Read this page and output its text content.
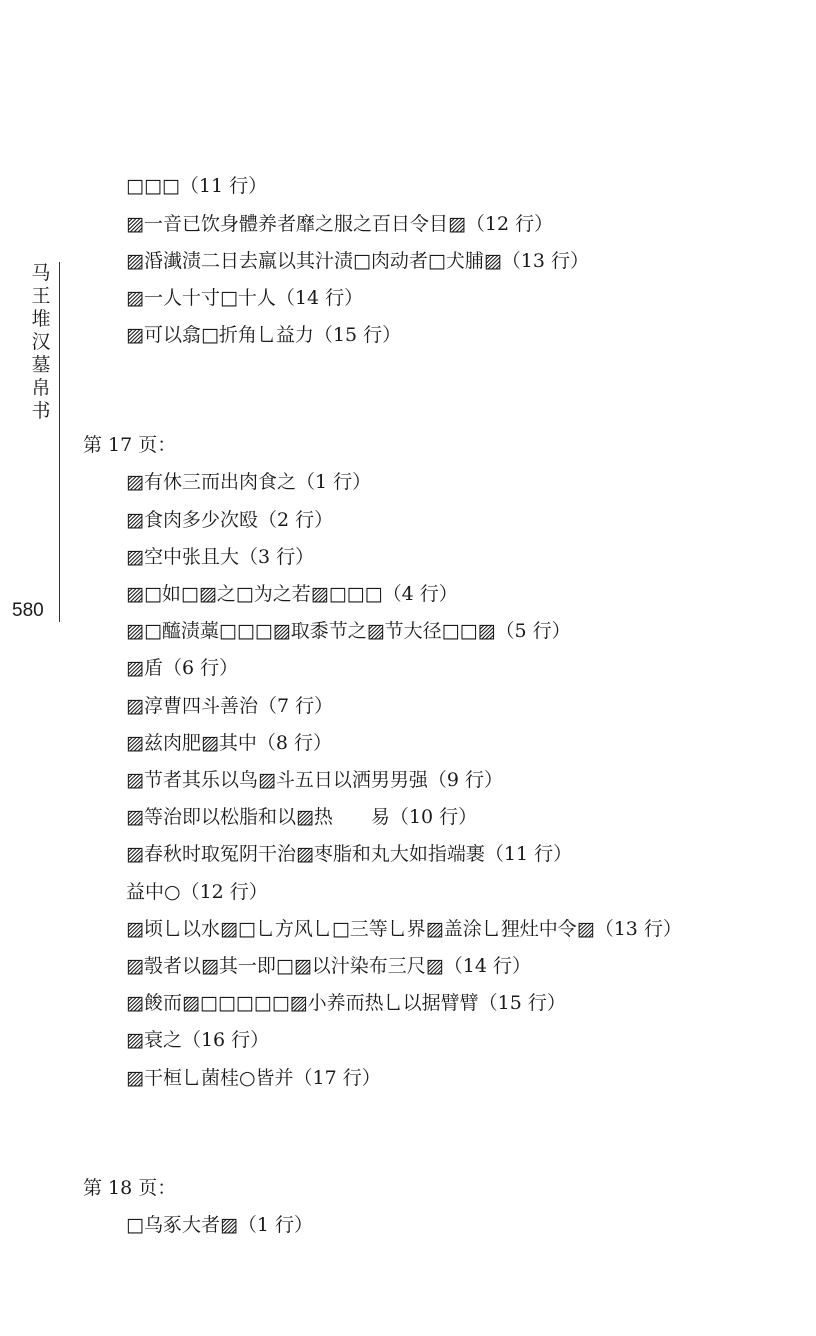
马王堆汉墓帛书
580
□□□（11 行）
▨一音已饮身體养者靡之服之百日令目▨（12 行）
▨涽瀐渍二日去羸以其汁渍□肉动者□犬脯▨（13 行）
▨一人十寸□十人（14 行）
▨可以翕□折角乚益力（15 行）
第 17 页：
▨有休三而出肉食之（1 行）
▨食肉多少次殴（2 行）
▨空中张且大（3 行）
▨□如□▨之□为之若▨□□□（4 行）
▨□醯渍藁□□□▨取黍节之▨节大径□□▨（5 行）
▨盾（6 行）
▨淳曹四斗善治（7 行）
▨兹肉肥▨其中（8 行）
▨节者其乐以鸟▨斗五日以洒男男强（9 行）
▨等治即以松脂和以▨热　　易（10 行）
▨春秋时取冤阴干治▨枣脂和丸大如指端裹（11 行）
益中○（12 行）
▨顷乚以水▨□乚方风乚□三等乚界▨盖涂乚狸灶中令▨（13 行）
▨彀者以▨其一即□▨以汁染布三尺▨（14 行）
▨餕而▨□□□□□▨小养而热乚以据臂臂（15 行）
▨衰之（16 行）
▨干桓乚菌桂○皆并（17 行）
第 18 页：
□乌豖大者▨（1 行）
